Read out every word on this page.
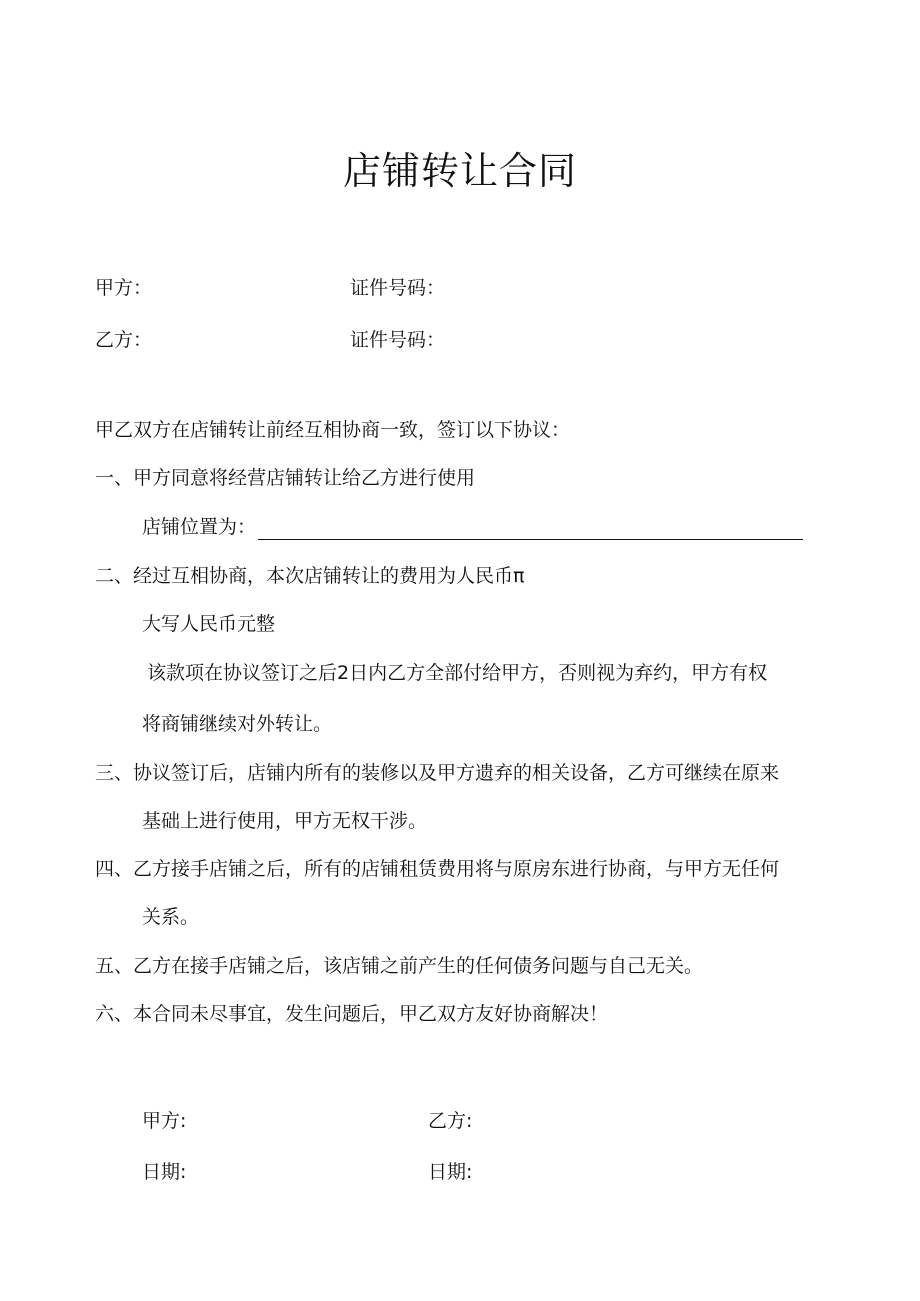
店铺转让合同
甲方：	证件号码：
乙方：	证件号码：
甲乙双方在店铺转让前经互相协商一致，签订以下协议：
一、甲方同意将经营店铺转让给乙方进行使用
店铺位置为：
二、经过互相协商，本次店铺转让的费用为人民币π
大写人民币元整
该款项在协议签订之后2日内乙方全部付给甲方，否则视为弃约，甲方有权
将商铺继续对外转让。
三、协议签订后，店铺内所有的装修以及甲方遗弃的相关设备，乙方可继续在原来
基础上进行使用，甲方无权干涉。
四、乙方接手店铺之后，所有的店铺租赁费用将与原房东进行协商，与甲方无任何
关系。
五、乙方在接手店铺之后，该店铺之前产生的任何债务问题与自己无关。
六、本合同未尽事宜，发生问题后，甲乙双方友好协商解决！
甲方:	乙方:
日期:	日期:
